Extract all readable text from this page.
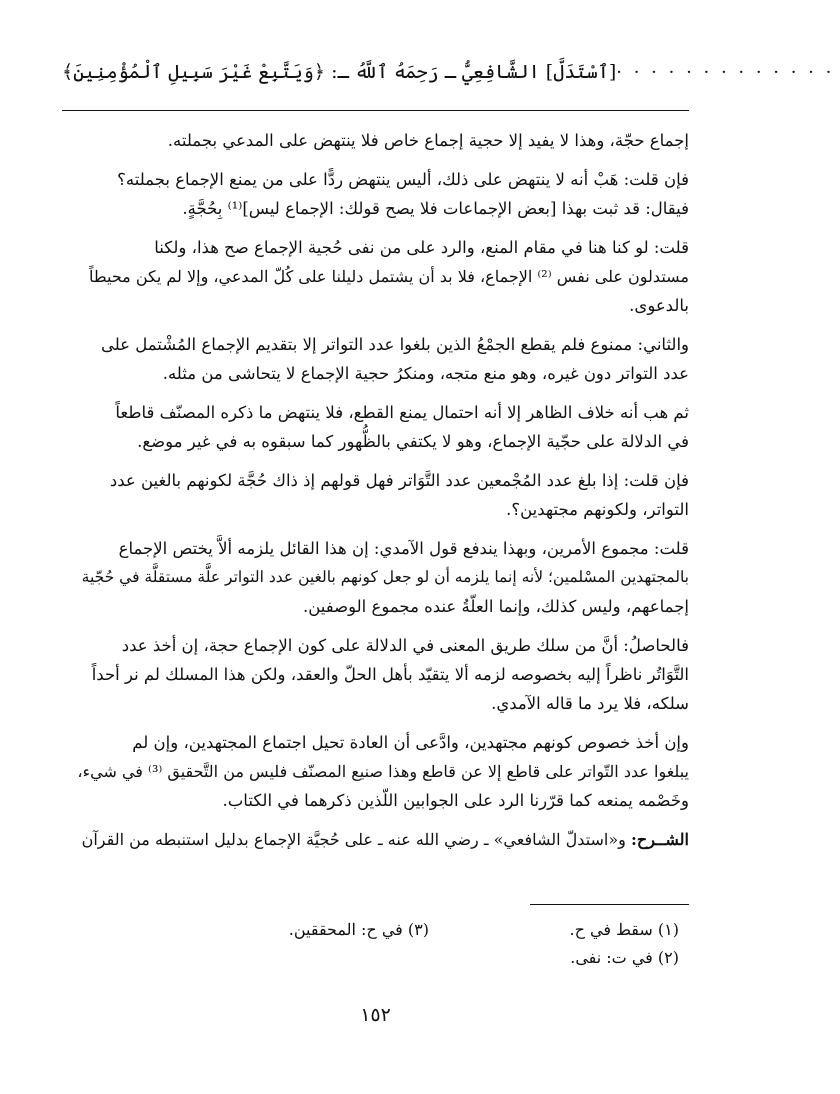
[ٱسْتَدَلَّ] الشَّافِعِيُّ ـ رَحِمَهُ ٱللَّهُ ـ: ﴿وَيَتَّبِعْ غَيْرَ سَبِيلِ ٱلْمُؤْمِنِينَ﴾ · · · · · · · · · · · · ·

إجماع حجّة، وهذا لا يفيد إلا حجية إجماع خاص فلا ينتهض على المدعي بجملته.

فإن قلت: هَبْ أنه لا ينتهض على ذلك، أليس ينتهض ردًّا على من يمنع الإجماع بجملته؟
فيقال: قد ثبت بهذا [بعض الإجماعات فلا يصح قولك: الإجماع ليس]⁽¹⁾ بِحُجَّةٍ.

قلت: لو كنا هنا في مقام المنع، والرد على من نفى حُجية الإجماع صح هذا، ولكنا
مستدلون على نفس ⁽²⁾ الإجماع، فلا بد أن يشتمل دليلنا على كُلّ المدعي، وإلا لم يكن محيطاً
بالدعوى.

والثاني: ممنوع فلم يقطع الجمْعُ الذين بلغوا عدد التواتر إلا بتقديم الإجماع المُشْتمل على
عدد التواتر دون غيره، وهو منع متجه، ومنكرُ حجية الإجماع لا يتحاشى من مثله.

ثم هب أنه خلاف الظاهر إلا أنه احتمال يمنع القطع، فلا ينتهض ما ذكره المصنّف قاطعاً
في الدلالة على حجّية الإجماع، وهو لا يكتفي بالظُّهور كما سبقوه به في غير موضع.

فإن قلت: إذا بلغ عدد المُجْمعين عدد التَّوَاتر فهل قولهم إذ ذاك حُجَّة لكونهم بالغين عدد
التواتر، ولكونهم مجتهدين؟.

قلت: مجموع الأمرين، وبهذا يندفع قول الآمدي: إن هذا القائل يلزمه ألاَّ يختص الإجماع
بالمجتهدين المسْلمين؛ لأنه إنما يلزمه أن لو جعل كونهم بالغين عدد التواتر علَّة مستقلَّة في حُجّية
إجماعهم، وليس كذلك، وإنما العلّةُ عنده مجموع الوصفين.

فالحاصلُ: أنَّ من سلك طريق المعنى في الدلالة على كون الإجماع حجة، إن أخذ عدد
التَّوَاتُر ناظراً إليه بخصوصه لزمه ألا يتقيّد بأهل الحلّ والعقد، ولكن هذا المسلك لم نر أحداً
سلكه، فلا يرد ما قاله الآمدي.

وإن أخذ خصوص كونهم مجتهدين، وادَّعى أن العادة تحيل اجتماع المجتهدين، وإن لم
يبلغوا عدد التّواتر على قاطع إلا عن قاطع وهذا صنيع المصنّف فليس من التَّحقيق ⁽³⁾ في شيء،
وخَصْمه يمنعه كما قرّرنا الرد على الجوابين اللّذين ذكرهما في الكتاب.

الشــرح: و«استدلّ الشافعي» ـ رضي الله عنه ـ على حُجيَّة الإجماع بدليل استنبطه من القرآن

(١) سقط في ح.
(٣) في ح: المحققين.
(٢) في ت: نفى.
١٥٢
